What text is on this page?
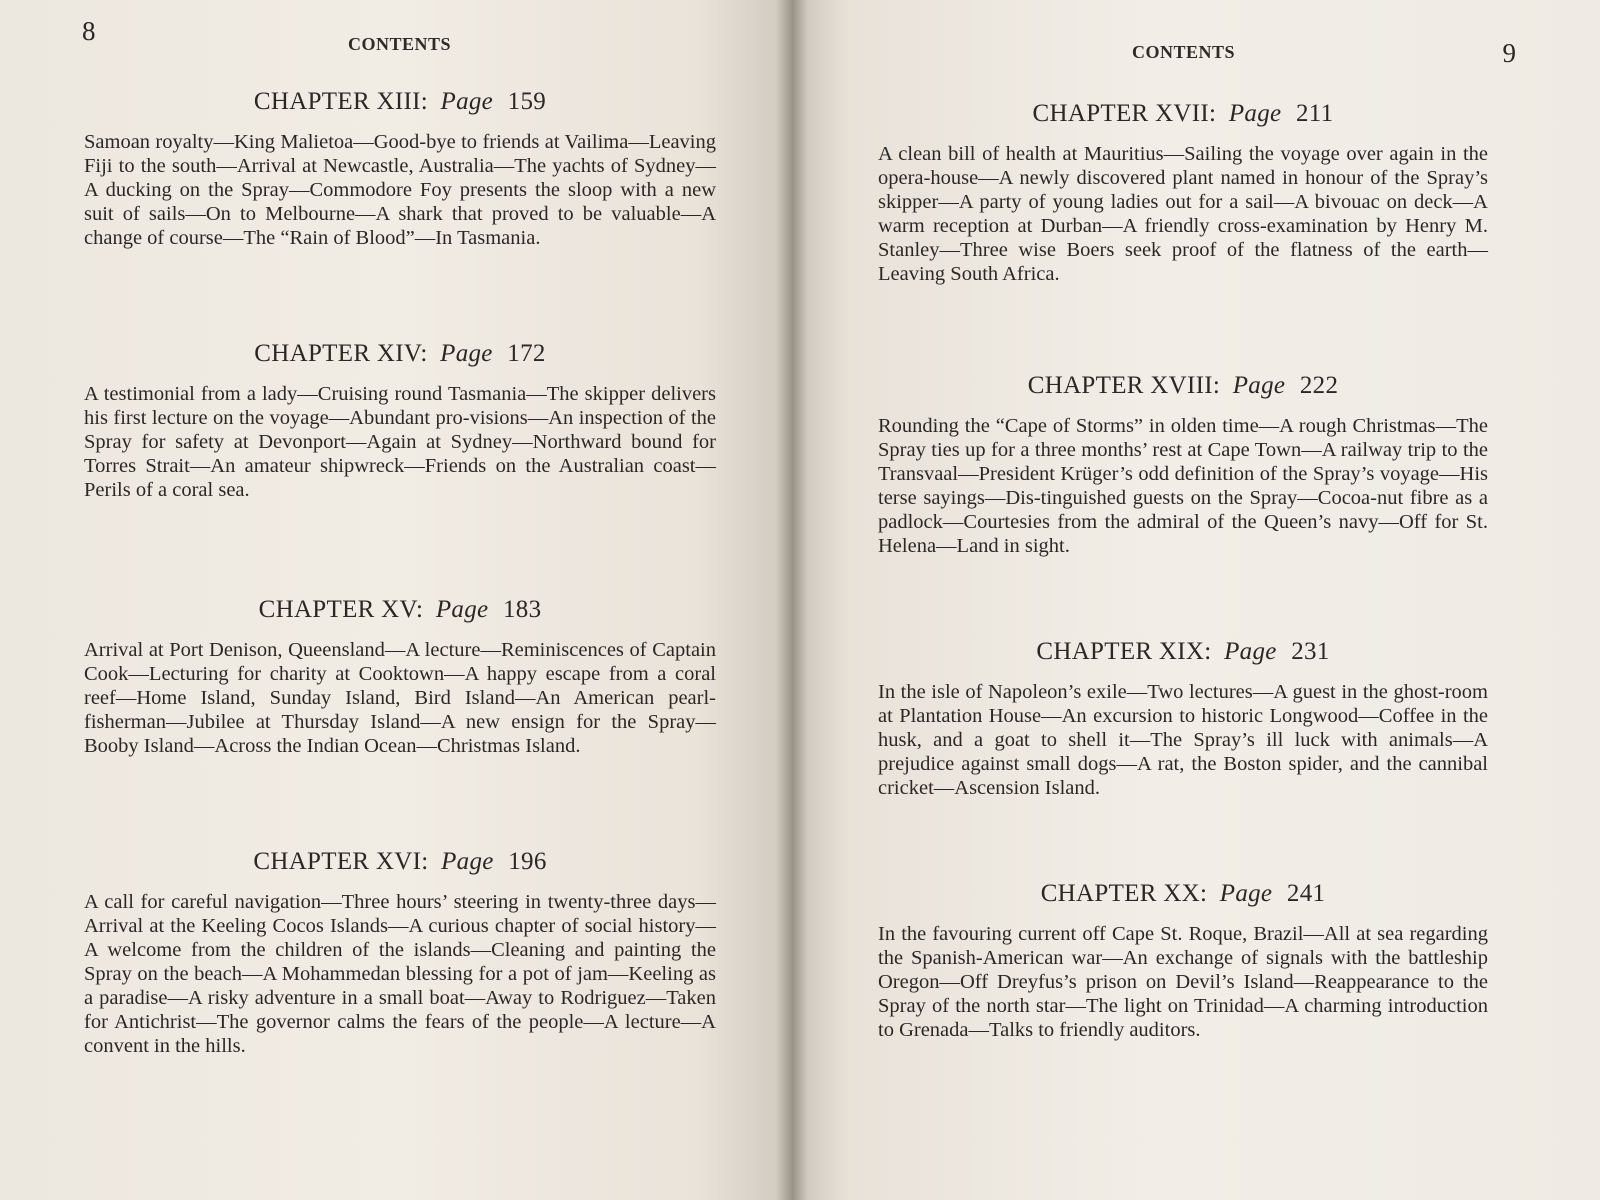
8	CONTENTS
CHAPTER XIII: Page 159

Samoan royalty—King Malietoa—Good-bye to friends at Vailima—Leaving Fiji to the south—Arrival at Newcastle, Australia—The yachts of Sydney—A ducking on the Spray—Commodore Foy presents the sloop with a new suit of sails—On to Melbourne—A shark that proved to be valuable—A change of course—The “Rain of Blood”—In Tasmania.

CHAPTER XIV: Page 172

A testimonial from a lady—Cruising round Tasmania—The skipper delivers his first lecture on the voyage—Abundant pro-visions—An inspection of the Spray for safety at Devonport—Again at Sydney—Northward bound for Torres Strait—An amateur shipwreck—Friends on the Australian coast—Perils of a coral sea.

CHAPTER XV: Page 183

Arrival at Port Denison, Queensland—A lecture—Reminiscences of Captain Cook—Lecturing for charity at Cooktown—A happy escape from a coral reef—Home Island, Sunday Island, Bird Island—An American pearl-fisherman—Jubilee at Thursday Island—A new ensign for the Spray—Booby Island—Across the Indian Ocean—Christmas Island.

CHAPTER XVI: Page 196

A call for careful navigation—Three hours’ steering in twenty-three days—Arrival at the Keeling Cocos Islands—A curious chapter of social history—A welcome from the children of the islands—Cleaning and painting the Spray on the beach—A Mohammedan blessing for a pot of jam—Keeling as a paradise—A risky adventure in a small boat—Away to Rodriguez—Taken for Antichrist—The governor calms the fears of the people—A lecture—A convent in the hills.

CONTENTS	9
CHAPTER XVII: Page 211

A clean bill of health at Mauritius—Sailing the voyage over again in the opera-house—A newly discovered plant named in honour of the Spray’s skipper—A party of young ladies out for a sail—A bivouac on deck—A warm reception at Durban—A friendly cross-examination by Henry M. Stanley—Three wise Boers seek proof of the flatness of the earth—Leaving South Africa.

CHAPTER XVIII: Page 222

Rounding the “Cape of Storms” in olden time—A rough Christmas—The Spray ties up for a three months’ rest at Cape Town—A railway trip to the Transvaal—President Krüger’s odd definition of the Spray’s voyage—His terse sayings—Dis-tinguished guests on the Spray—Cocoa-nut fibre as a padlock—Courtesies from the admiral of the Queen’s navy—Off for St. Helena—Land in sight.

CHAPTER XIX: Page 231

In the isle of Napoleon’s exile—Two lectures—A guest in the ghost-room at Plantation House—An excursion to historic Longwood—Coffee in the husk, and a goat to shell it—The Spray’s ill luck with animals—A prejudice against small dogs—A rat, the Boston spider, and the cannibal cricket—Ascension Island.

CHAPTER XX: Page 241

In the favouring current off Cape St. Roque, Brazil—All at sea regarding the Spanish-American war—An exchange of signals with the battleship Oregon—Off Dreyfus’s prison on Devil’s Island—Reappearance to the Spray of the north star—The light on Trinidad—A charming introduction to Grenada—Talks to friendly auditors.
